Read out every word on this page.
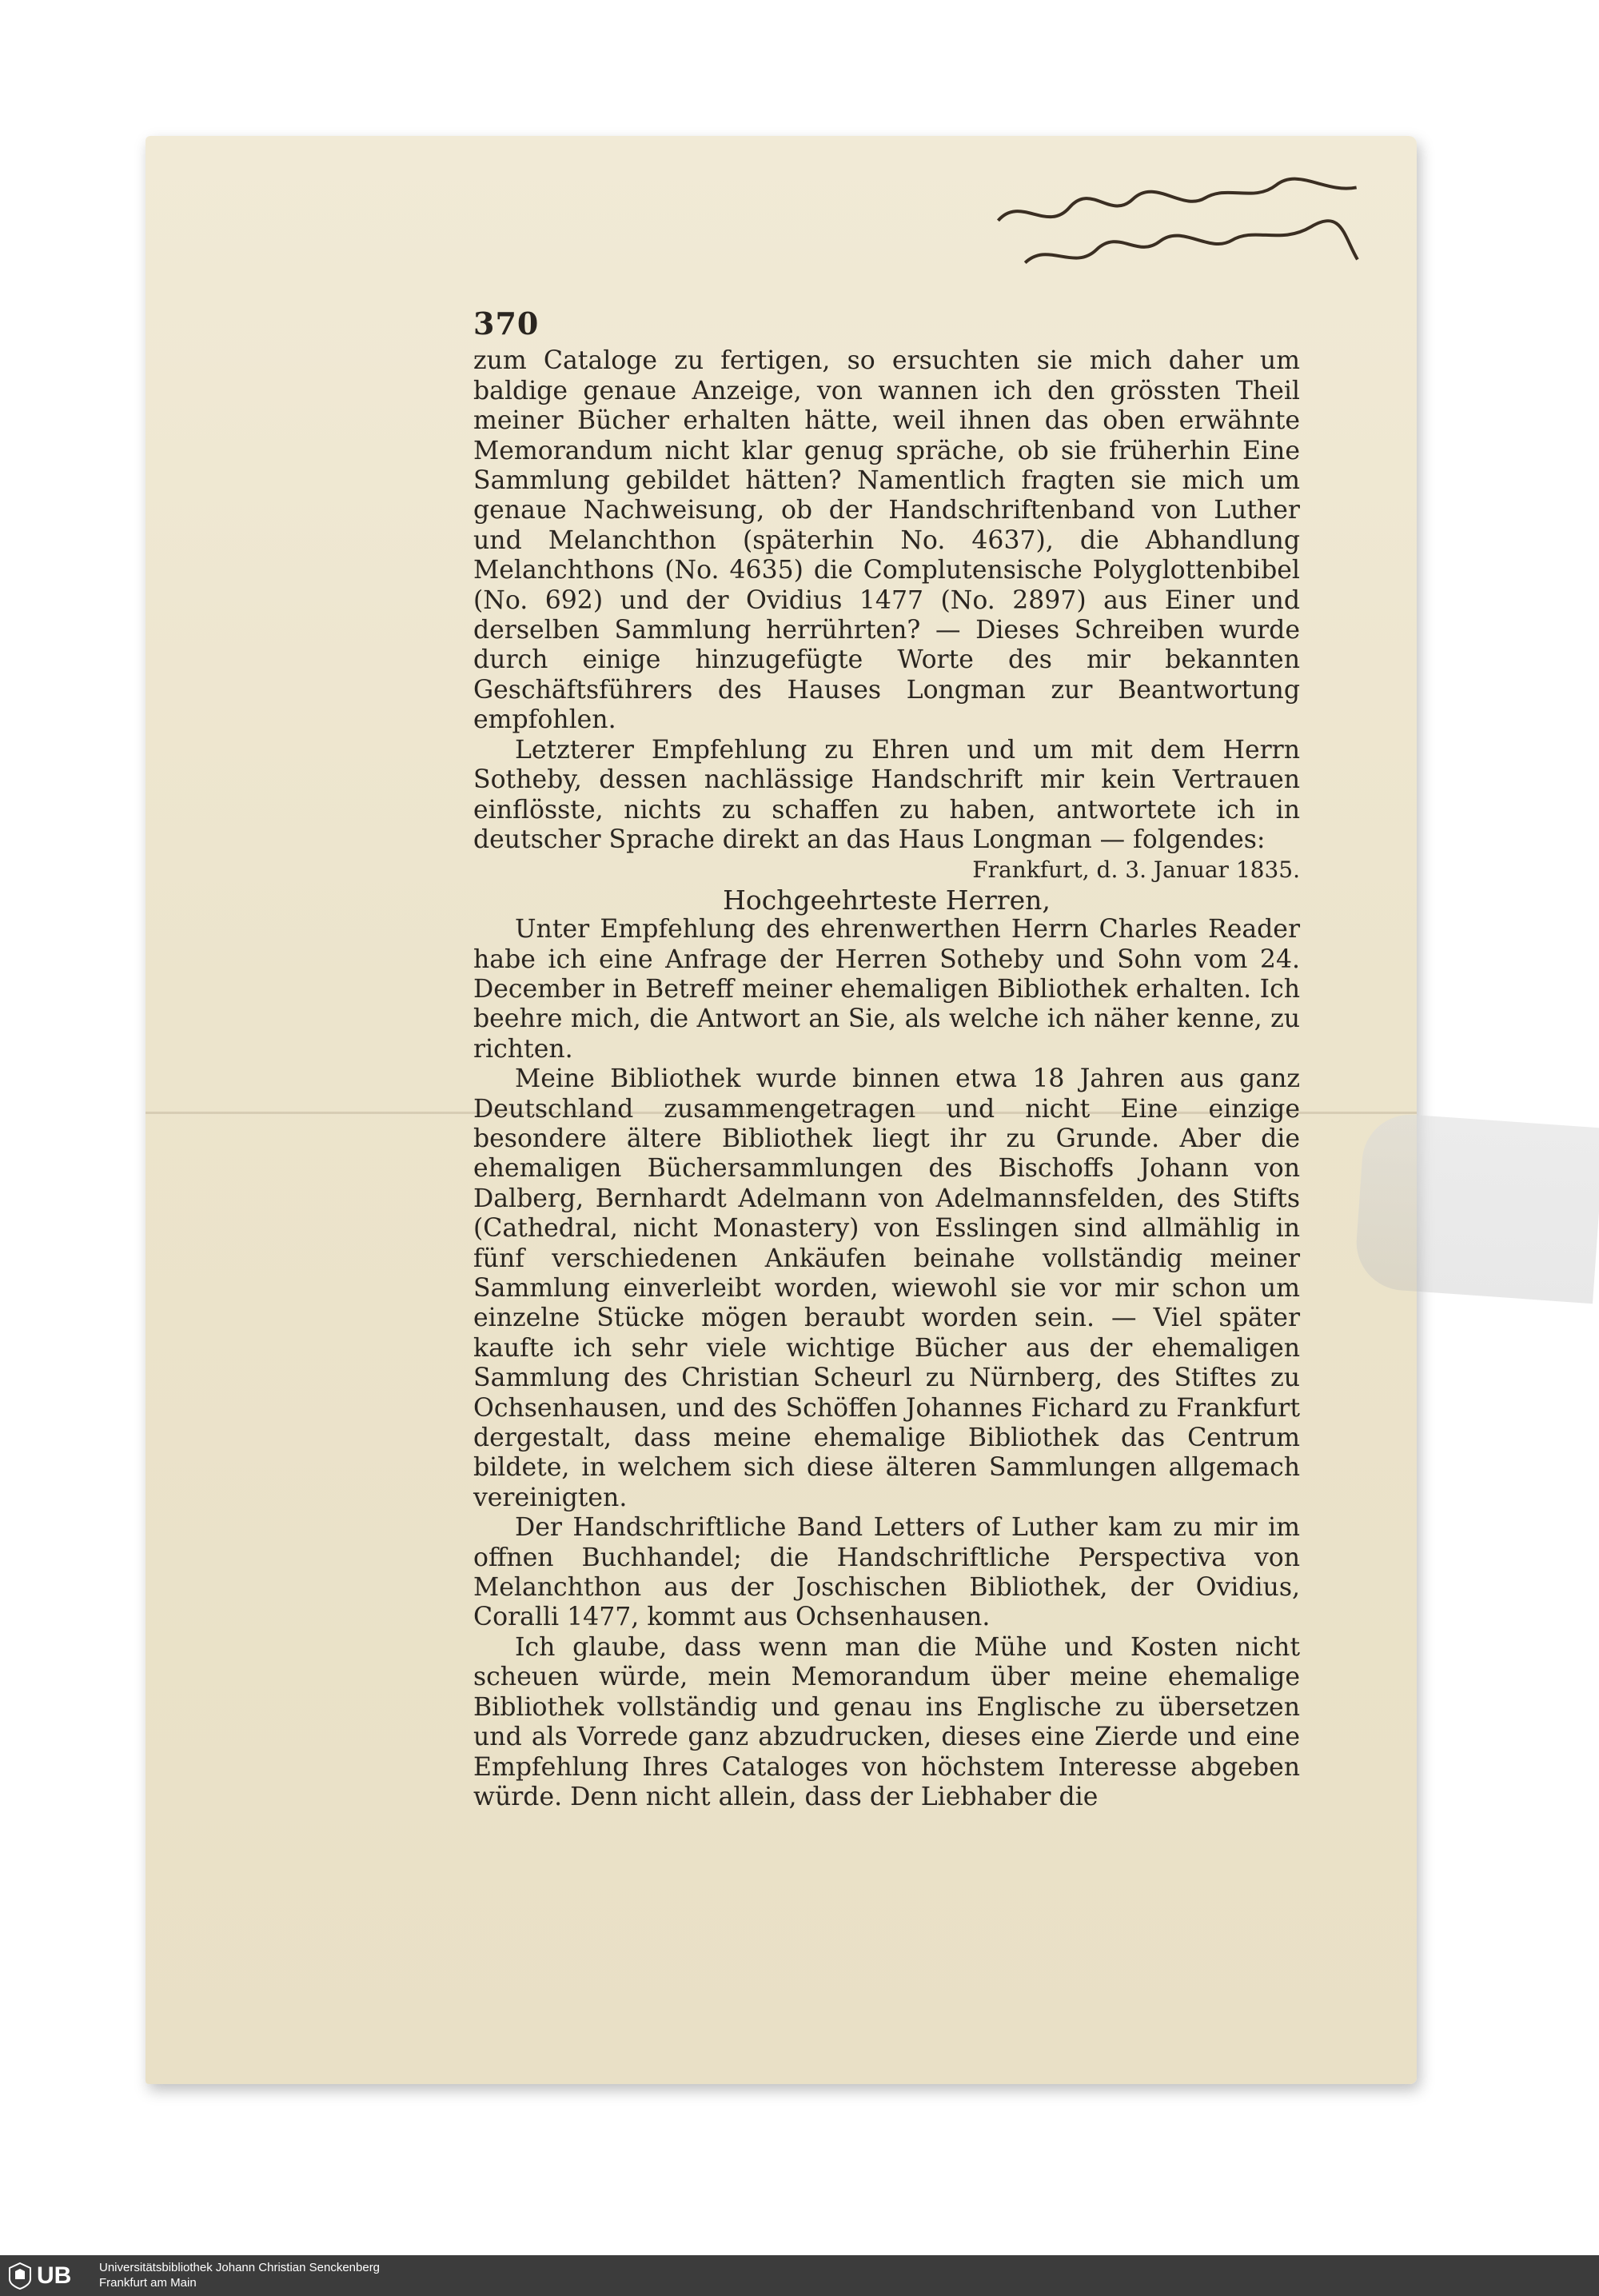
370

zum Cataloge zu fertigen, so ersuchten sie mich daher um baldige genaue Anzeige, von wannen ich den grössten Theil meiner Bücher erhalten hätte, weil ihnen das oben erwähnte Memorandum nicht klar genug spräche, ob sie früherhin Eine Sammlung gebildet hätten? Namentlich fragten sie mich um genaue Nachweisung, ob der Handschriftenband von Luther und Melanchthon (späterhin No. 4637), die Abhandlung Melanchthons (No. 4635) die Complutensische Polyglottenbibel (No. 692) und der Ovidius 1477 (No. 2897) aus Einer und derselben Sammlung herrührten? — Dieses Schreiben wurde durch einige hinzugefügte Worte des mir bekannten Geschäftsführers des Hauses Longman zur Beantwortung empfohlen.

Letzterer Empfehlung zu Ehren und um mit dem Herrn Sotheby, dessen nachlässige Handschrift mir kein Vertrauen einflösste, nichts zu schaffen zu haben, antwortete ich in deutscher Sprache direkt an das Haus Longman — folgendes:

Frankfurt, d. 3. Januar 1835.

Hochgeehrteste Herren,

Unter Empfehlung des ehrenwerthen Herrn Charles Reader habe ich eine Anfrage der Herren Sotheby und Sohn vom 24. December in Betreff meiner ehemaligen Bibliothek erhalten. Ich beehre mich, die Antwort an Sie, als welche ich näher kenne, zu richten.

Meine Bibliothek wurde binnen etwa 18 Jahren aus ganz Deutschland zusammengetragen und nicht Eine einzige besondere ältere Bibliothek liegt ihr zu Grunde. Aber die ehemaligen Büchersammlungen des Bischoffs Johann von Dalberg, Bernhardt Adelmann von Adelmannsfelden, des Stifts (Cathedral, nicht Monastery) von Esslingen sind allmählig in fünf verschiedenen Ankäufen beinahe vollständig meiner Sammlung einverleibt worden, wiewohl sie vor mir schon um einzelne Stücke mögen beraubt worden sein. — Viel später kaufte ich sehr viele wichtige Bücher aus der ehemaligen Sammlung des Christian Scheurl zu Nürnberg, des Stiftes zu Ochsenhausen, und des Schöffen Johannes Fichard zu Frankfurt dergestalt, dass meine ehemalige Bibliothek das Centrum bildete, in welchem sich diese älteren Sammlungen allgemach vereinigten.

Der Handschriftliche Band Letters of Luther kam zu mir im offnen Buchhandel; die Handschriftliche Perspectiva von Melanchthon aus der Joschischen Bibliothek, der Ovidius, Coralli 1477, kommt aus Ochsenhausen.

Ich glaube, dass wenn man die Mühe und Kosten nicht scheuen würde, mein Memorandum über meine ehemalige Bibliothek vollständig und genau ins Englische zu übersetzen und als Vorrede ganz abzudrucken, dieses eine Zierde und eine Empfehlung Ihres Cataloges von höchstem Interesse abgeben würde. Denn nicht allein, dass der Liebhaber die

UB Universitätsbibliothek Johann Christian Senckenberg
Frankfurt am Main
